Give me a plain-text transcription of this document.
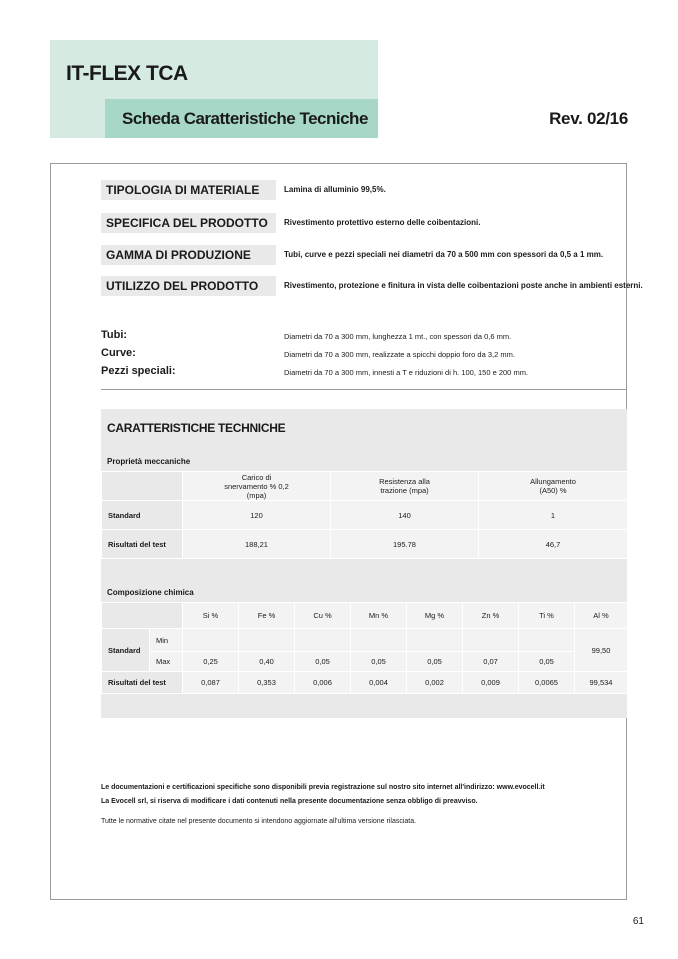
IT-FLEX TCA
Scheda Caratteristiche Tecniche	Rev. 02/16
TIPOLOGIA DI MATERIALE	Lamina di alluminio 99,5%.
SPECIFICA DEL PRODOTTO	Rivestimento protettivo esterno delle coibentazioni.
GAMMA DI PRODUZIONE	Tubi, curve e pezzi speciali nei diametri da 70 a 500 mm con spessori da 0,5 a 1 mm.
UTILIZZO DEL PRODOTTO	Rivestimento, protezione e finitura in vista delle coibentazioni poste anche in ambienti esterni.
Tubi:	Diametri da 70 a 300 mm, lunghezza 1 mt., con spessori da 0,6 mm.
Curve:	Diametri da 70 a 300 mm, realizzate a spicchi doppio foro da 3,2 mm.
Pezzi speciali:	Diametri da 70 a 300 mm, innesti a T e riduzioni di h. 100, 150 e 200 mm.
CARATTERISTICHE TECHNICHE
Proprietà meccaniche
	Carico di snervamento % 0,2 (mpa)	Resistenza alla trazione (mpa)	Allungamento (A50) %
Standard	120	140	1
Risultati del test	188,21	195.78	46,7
Composizione chimica
		Si %	Fe %	Cu %	Mn %	Mg %	Zn %	Ti %	Al %
Standard	Min								99,50
	Max	0,25	0,40	0,05	0,05	0,05	0,07	0,05	
Risultati del test		0,087	0,353	0,006	0,004	0,002	0,009	0,0065	99,534
Le documentazioni e certificazioni specifiche sono disponibili previa registrazione sul nostro sito internet all'indirizzo: www.evocell.it
La Evocell srl, si riserva di modificare i dati contenuti nella presente documentazione senza obbligo di preavviso.
Tutte le normative citate nel presente documento si intendono aggiornate all'ultima versione rilasciata.
61
